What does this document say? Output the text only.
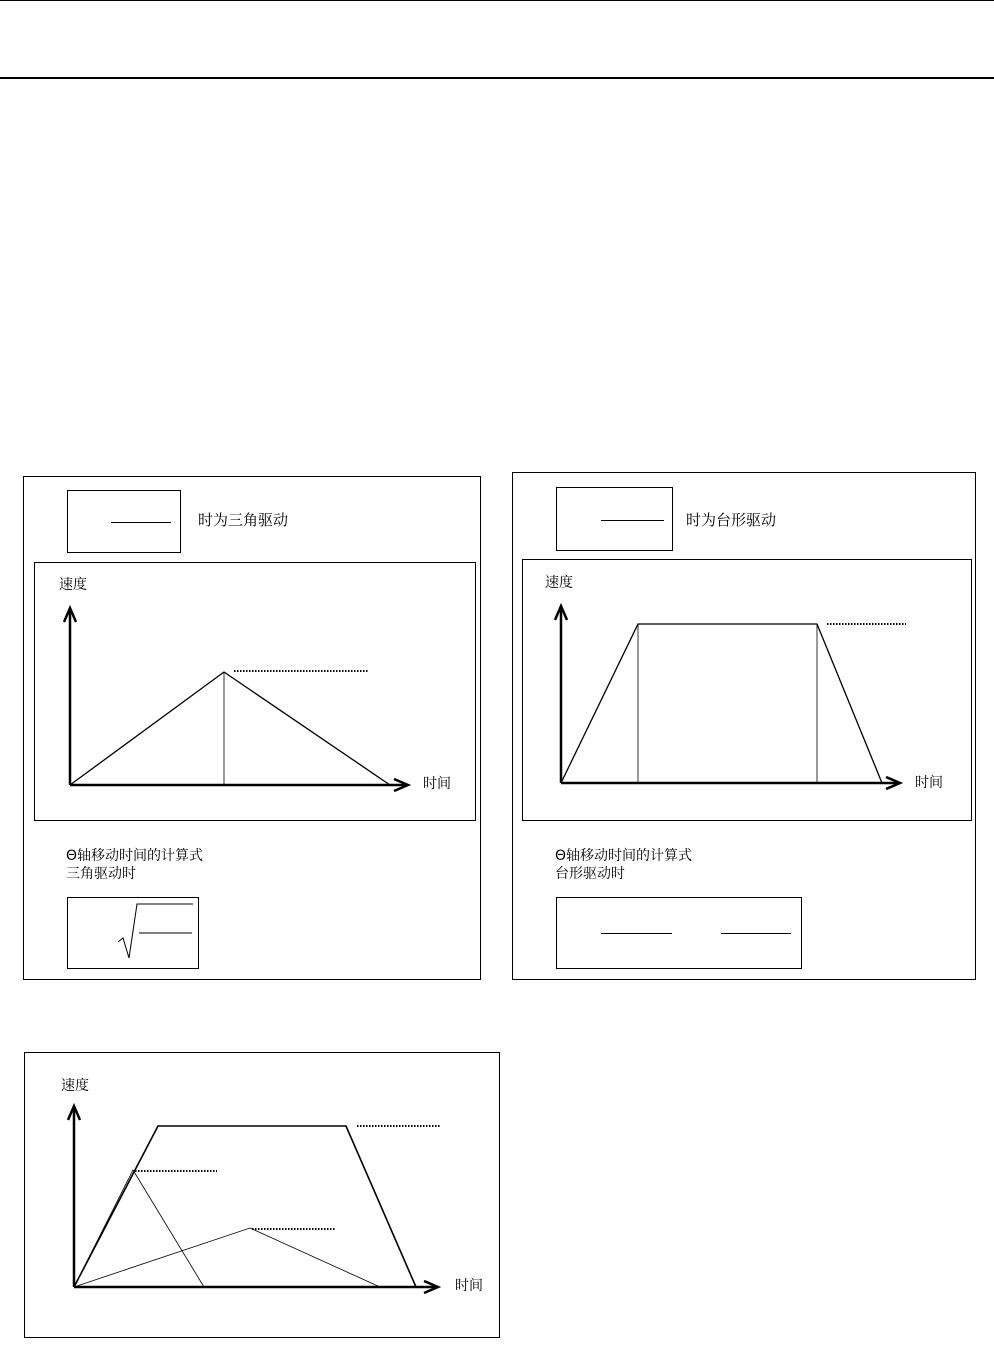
时为三角驱动
速度
时间
Θ轴移动时间的计算式
三角驱动时
时为台形驱动
速度
时间
Θ轴移动时间的计算式
台形驱动时
速度
时间
